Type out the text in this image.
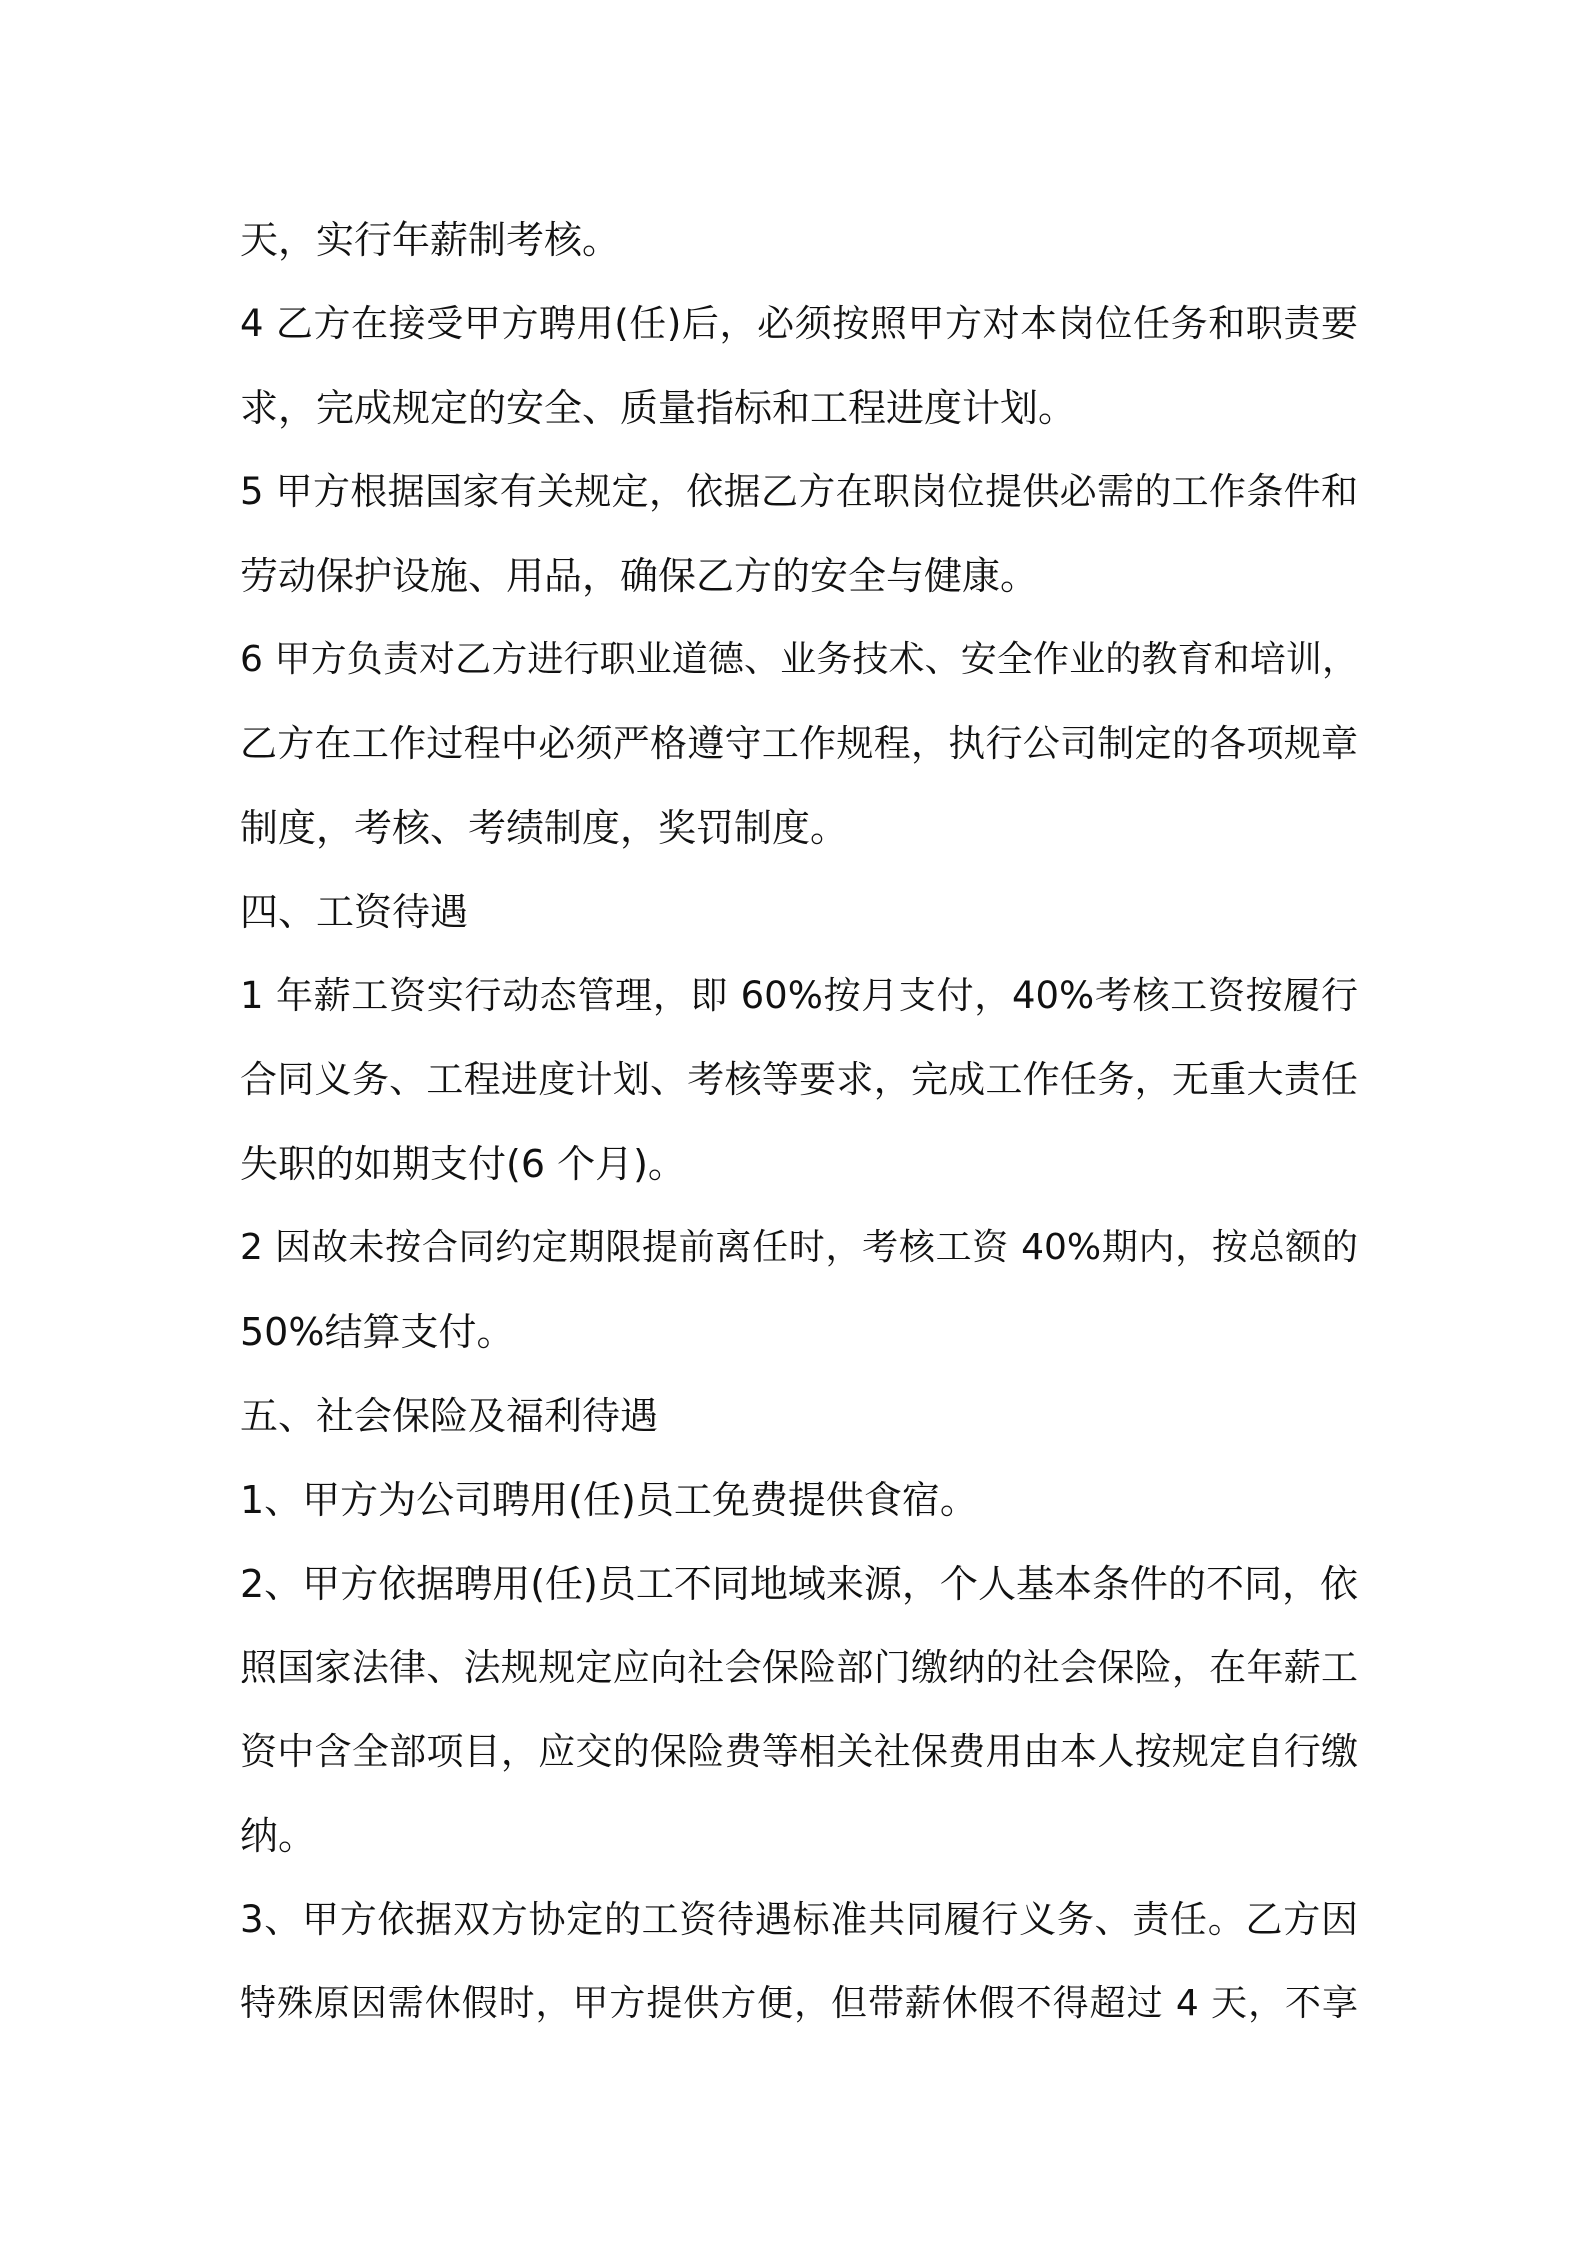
天，实行年薪制考核。
4 乙方在接受甲方聘用(任)后，必须按照甲方对本岗位任务和职责要
求，完成规定的安全、质量指标和工程进度计划。
5 甲方根据国家有关规定，依据乙方在职岗位提供必需的工作条件和
劳动保护设施、用品，确保乙方的安全与健康。
6 甲方负责对乙方进行职业道德、业务技术、安全作业的教育和培训，
乙方在工作过程中必须严格遵守工作规程，执行公司制定的各项规章
制度，考核、考绩制度，奖罚制度。
四、工资待遇
1 年薪工资实行动态管理，即 60%按月支付，40%考核工资按履行
合同义务、工程进度计划、考核等要求，完成工作任务，无重大责任
失职的如期支付(6 个月)。
2 因故未按合同约定期限提前离任时，考核工资 40%期内，按总额的
50%结算支付。
五、社会保险及福利待遇
1、甲方为公司聘用(任)员工免费提供食宿。
2、甲方依据聘用(任)员工不同地域来源，个人基本条件的不同，依
照国家法律、法规规定应向社会保险部门缴纳的社会保险，在年薪工
资中含全部项目，应交的保险费等相关社保费用由本人按规定自行缴
纳。
3、甲方依据双方协定的工资待遇标准共同履行义务、责任。乙方因
特殊原因需休假时，甲方提供方便，但带薪休假不得超过 4 天，不享
